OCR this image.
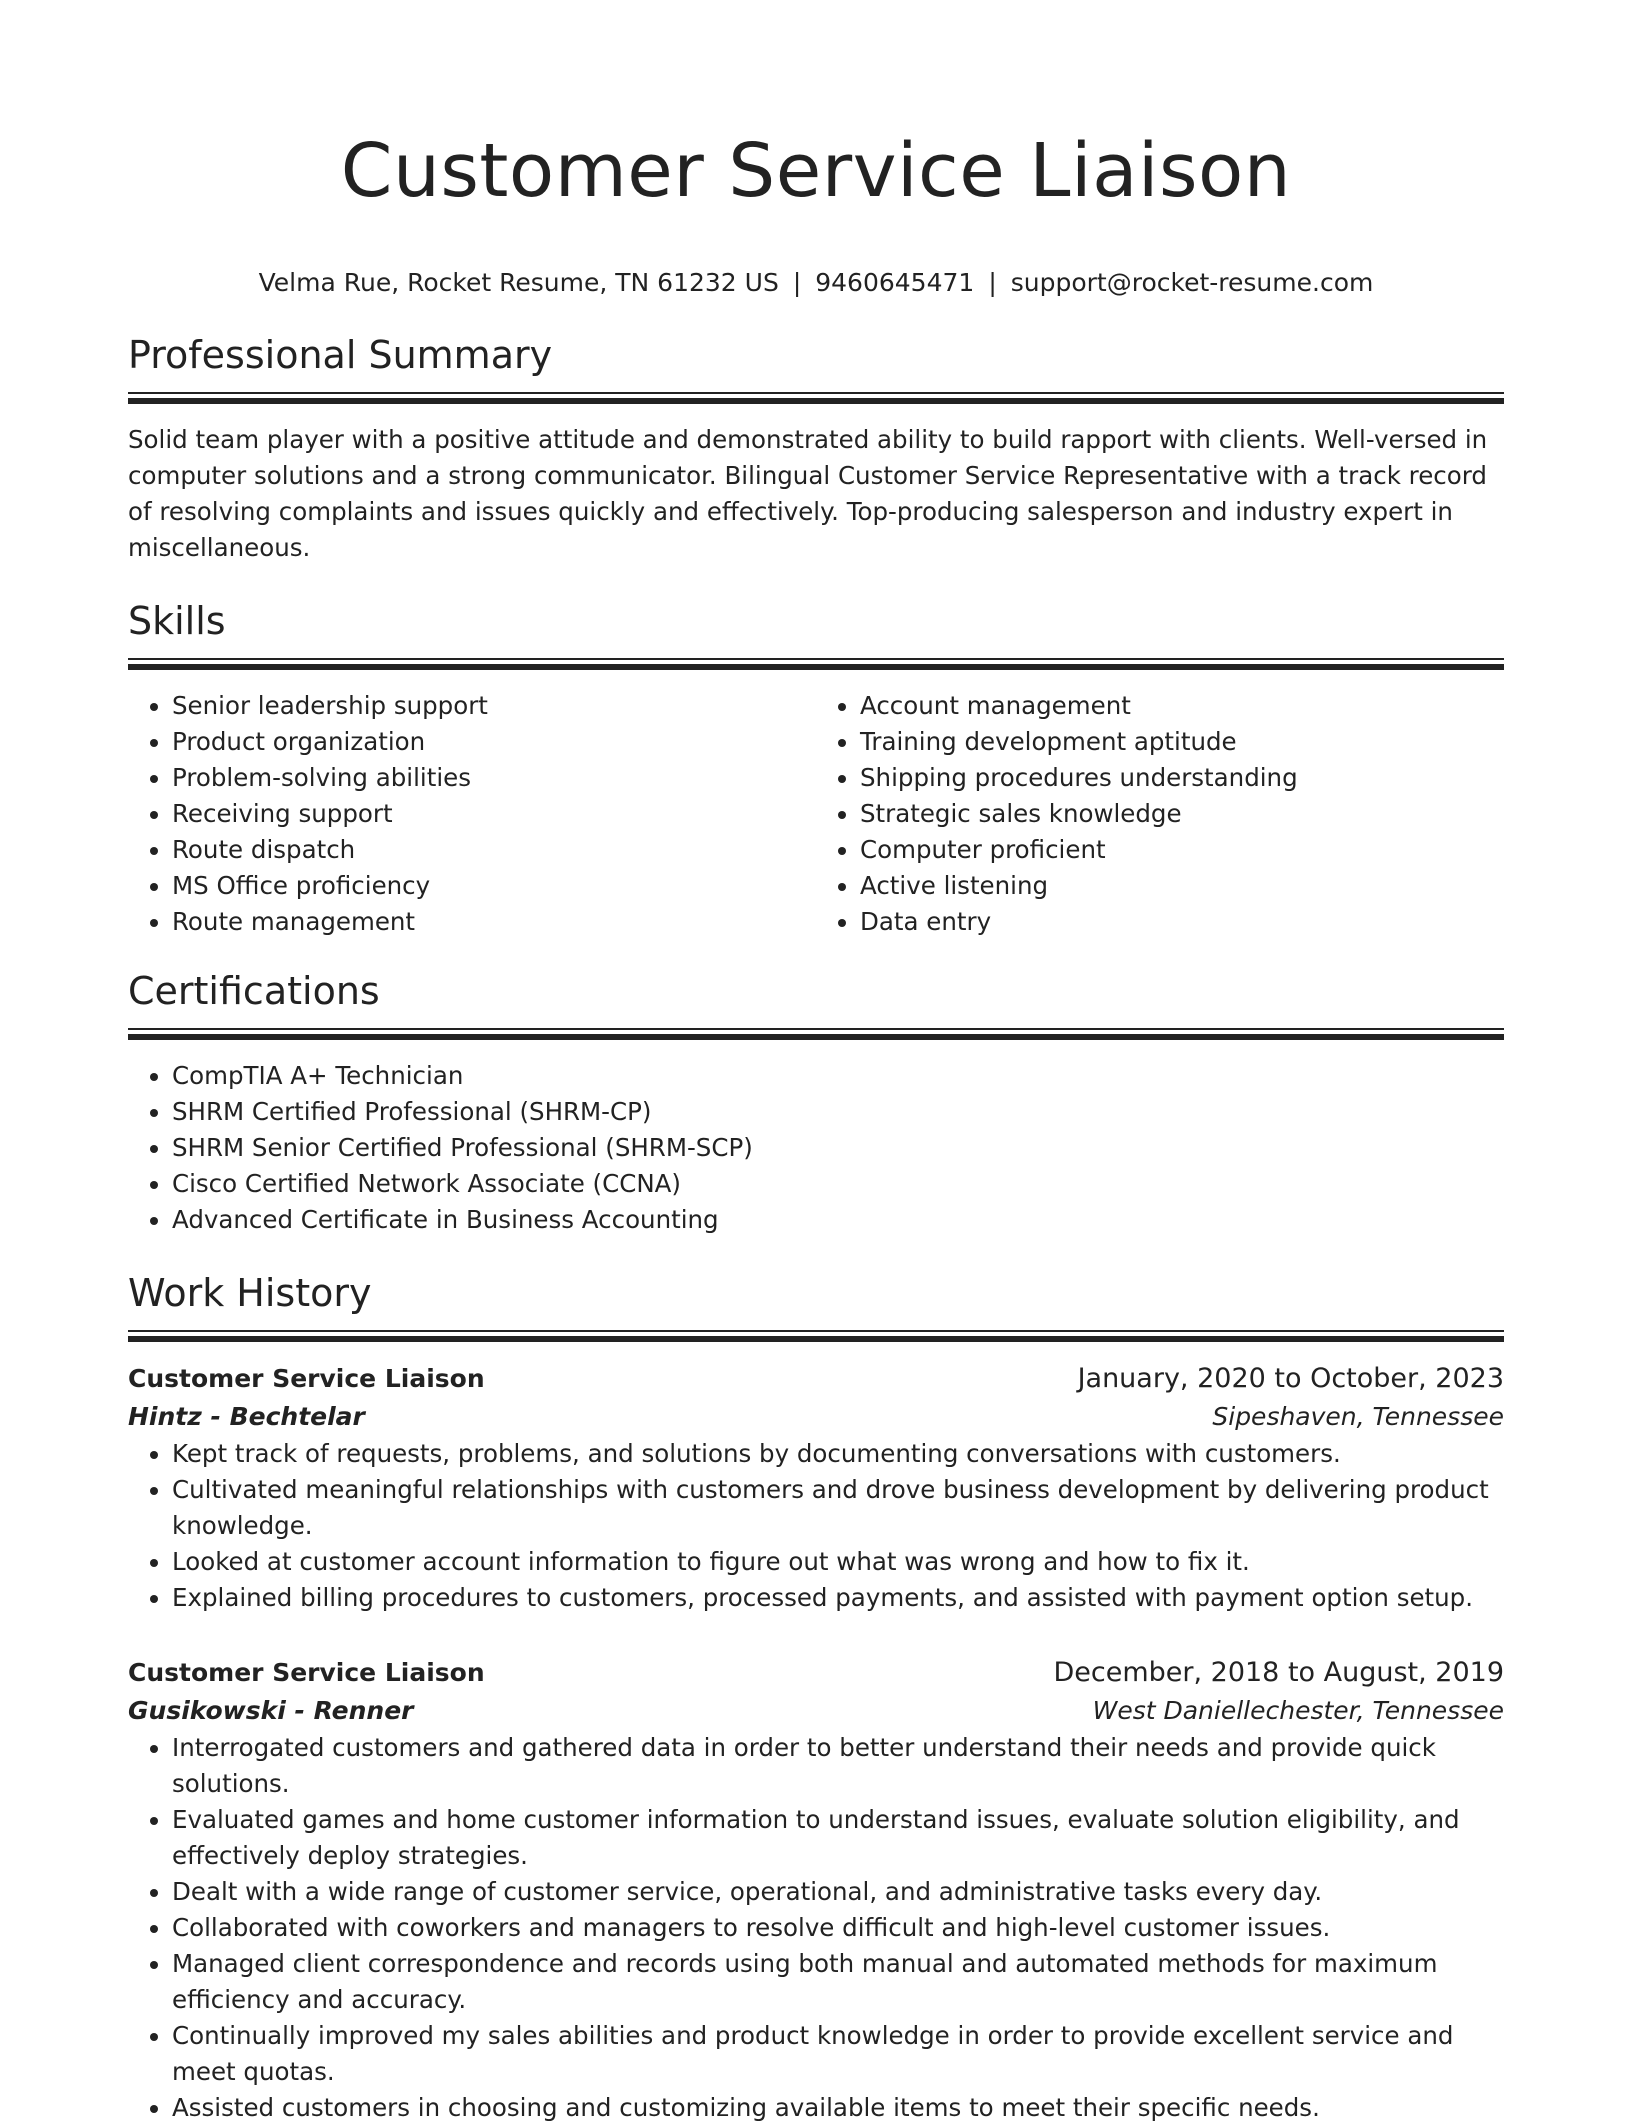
Customer Service Liaison
Velma Rue, Rocket Resume, TN 61232 US | 9460645471 | support@rocket-resume.com
Professional Summary

Solid team player with a positive attitude and demonstrated ability to build rapport with clients. Well-versed in computer solutions and a strong communicator. Bilingual Customer Service Representative with a track record of resolving complaints and issues quickly and effectively. Top-producing salesperson and industry expert in miscellaneous.

Skills
• Senior leadership support
• Product organization
• Problem-solving abilities
• Receiving support
• Route dispatch
• MS Office proficiency
• Route management
• Account management
• Training development aptitude
• Shipping procedures understanding
• Strategic sales knowledge
• Computer proficient
• Active listening
• Data entry
Certifications
• CompTIA A+ Technician
• SHRM Certified Professional (SHRM-CP)
• SHRM Senior Certified Professional (SHRM-SCP)
• Cisco Certified Network Associate (CCNA)
• Advanced Certificate in Business Accounting
Work History
Customer Service Liaison	January, 2020 to October, 2023
Hintz - Bechtelar	Sipeshaven, Tennessee
• Kept track of requests, problems, and solutions by documenting conversations with customers.
• Cultivated meaningful relationships with customers and drove business development by delivering product knowledge.
• Looked at customer account information to figure out what was wrong and how to fix it.
• Explained billing procedures to customers, processed payments, and assisted with payment option setup.
Customer Service Liaison	December, 2018 to August, 2019
Gusikowski - Renner	West Daniellechester, Tennessee
• Interrogated customers and gathered data in order to better understand their needs and provide quick solutions.
• Evaluated games and home customer information to understand issues, evaluate solution eligibility, and effectively deploy strategies.
• Dealt with a wide range of customer service, operational, and administrative tasks every day.
• Collaborated with coworkers and managers to resolve difficult and high-level customer issues.
• Managed client correspondence and records using both manual and automated methods for maximum efficiency and accuracy.
• Continually improved my sales abilities and product knowledge in order to provide excellent service and meet quotas.
• Assisted customers in choosing and customizing available items to meet their specific needs.
